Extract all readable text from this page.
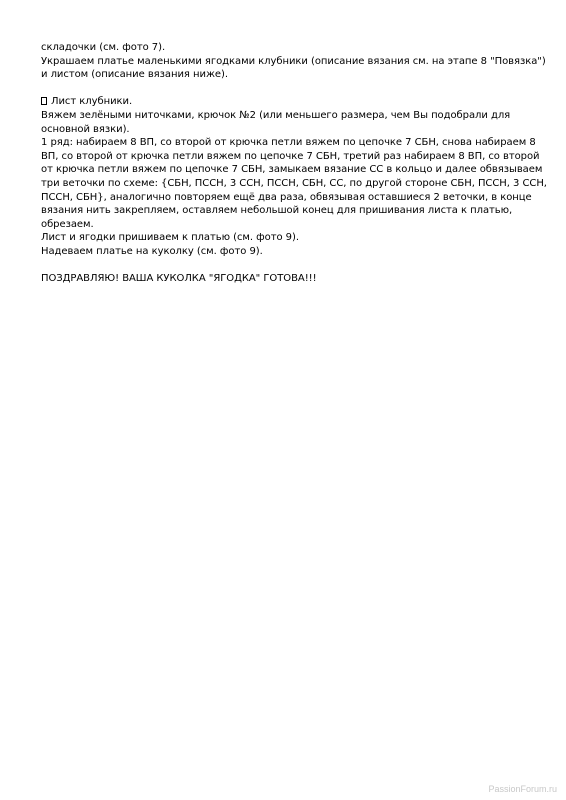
складочки (см. фото 7).
Украшаем платье маленькими ягодками клубники (описание вязания см. на этапе 8 "Повязка")
и листом (описание вязания ниже).
Лист клубники.
Вяжем зелёными ниточками, крючок №2 (или меньшего размера, чем Вы подобрали для
основной вязки).
1 ряд: набираем 8 ВП, со второй от крючка петли вяжем по цепочке 7 СБН, снова набираем 8
ВП, со второй от крючка петли вяжем по цепочке 7 СБН, третий раз набираем 8 ВП, со второй
от крючка петли вяжем по цепочке 7 СБН, замыкаем вязание СС в кольцо и далее обвязываем
три веточки по схеме: {СБН, ПССН, 3 ССН, ПССН, СБН, СС, по другой стороне СБН, ПССН, 3 ССН,
ПССН, СБН}, аналогично повторяем ещё два раза, обвязывая оставшиеся 2 веточки, в конце
вязания нить закрепляем, оставляем небольшой конец для пришивания листа к платью,
обрезаем.
Лист и ягодки пришиваем к платью (см. фото 9).
Надеваем платье на куколку (см. фото 9).
ПОЗДРАВЛЯЮ! ВАША КУКОЛКА "ЯГОДКА" ГОТОВА!!!
PassionForum.ru
